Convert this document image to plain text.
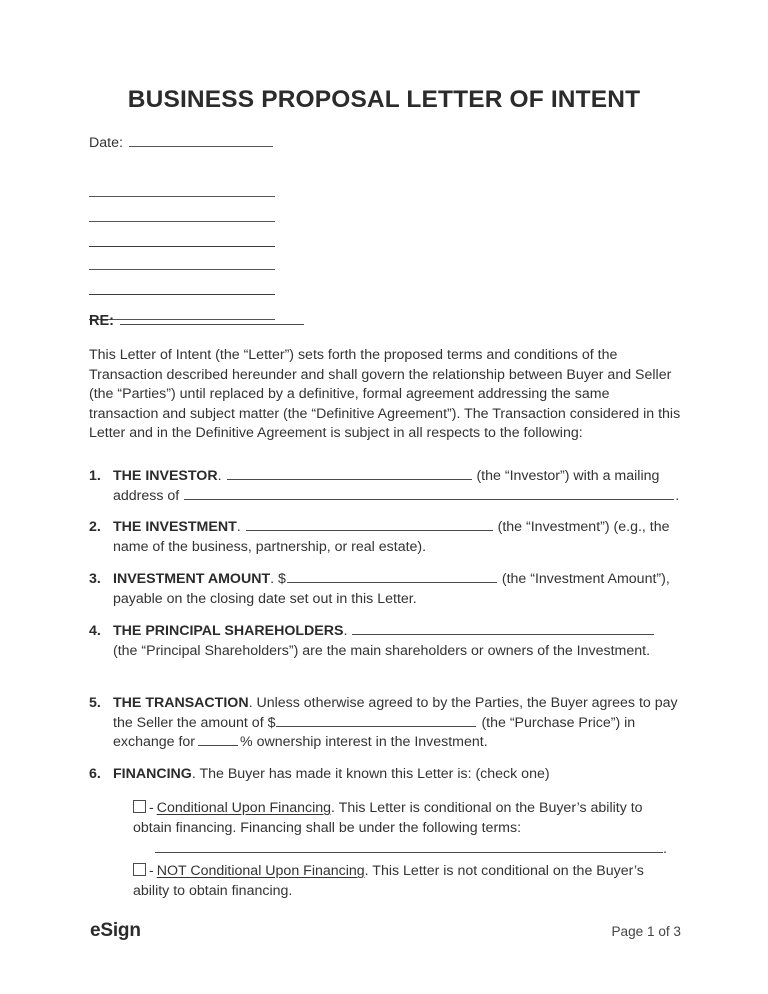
BUSINESS PROPOSAL LETTER OF INTENT
Date:
RE:
This Letter of Intent (the “Letter”) sets forth the proposed terms and conditions of the Transaction described hereunder and shall govern the relationship between Buyer and Seller (the “Parties”) until replaced by a definitive, formal agreement addressing the same transaction and subject matter (the “Definitive Agreement”). The Transaction considered in this Letter and in the Definitive Agreement is subject in all respects to the following:
1. THE INVESTOR.	(the “Investor”) with a mailing
address of	.
2. THE INVESTMENT.	(the “Investment”) (e.g., the
name of the business, partnership, or real estate).
3. INVESTMENT AMOUNT. $	(the “Investment Amount”),
payable on the closing date set out in this Letter.
4. THE PRINCIPAL SHAREHOLDERS.
(the “Principal Shareholders”) are the main shareholders or owners of the Investment.
5. THE TRANSACTION. Unless otherwise agreed to by the Parties, the Buyer agrees to pay the Seller the amount of $	(the “Purchase Price”) in exchange for	% ownership interest in the Investment.
6. FINANCING. The Buyer has made it known this Letter is: (check one)
- Conditional Upon Financing. This Letter is conditional on the Buyer’s ability to obtain financing. Financing shall be under the following terms:
.
- NOT Conditional Upon Financing. This Letter is not conditional on the Buyer’s ability to obtain financing.
eSign	Page 1 of 3
